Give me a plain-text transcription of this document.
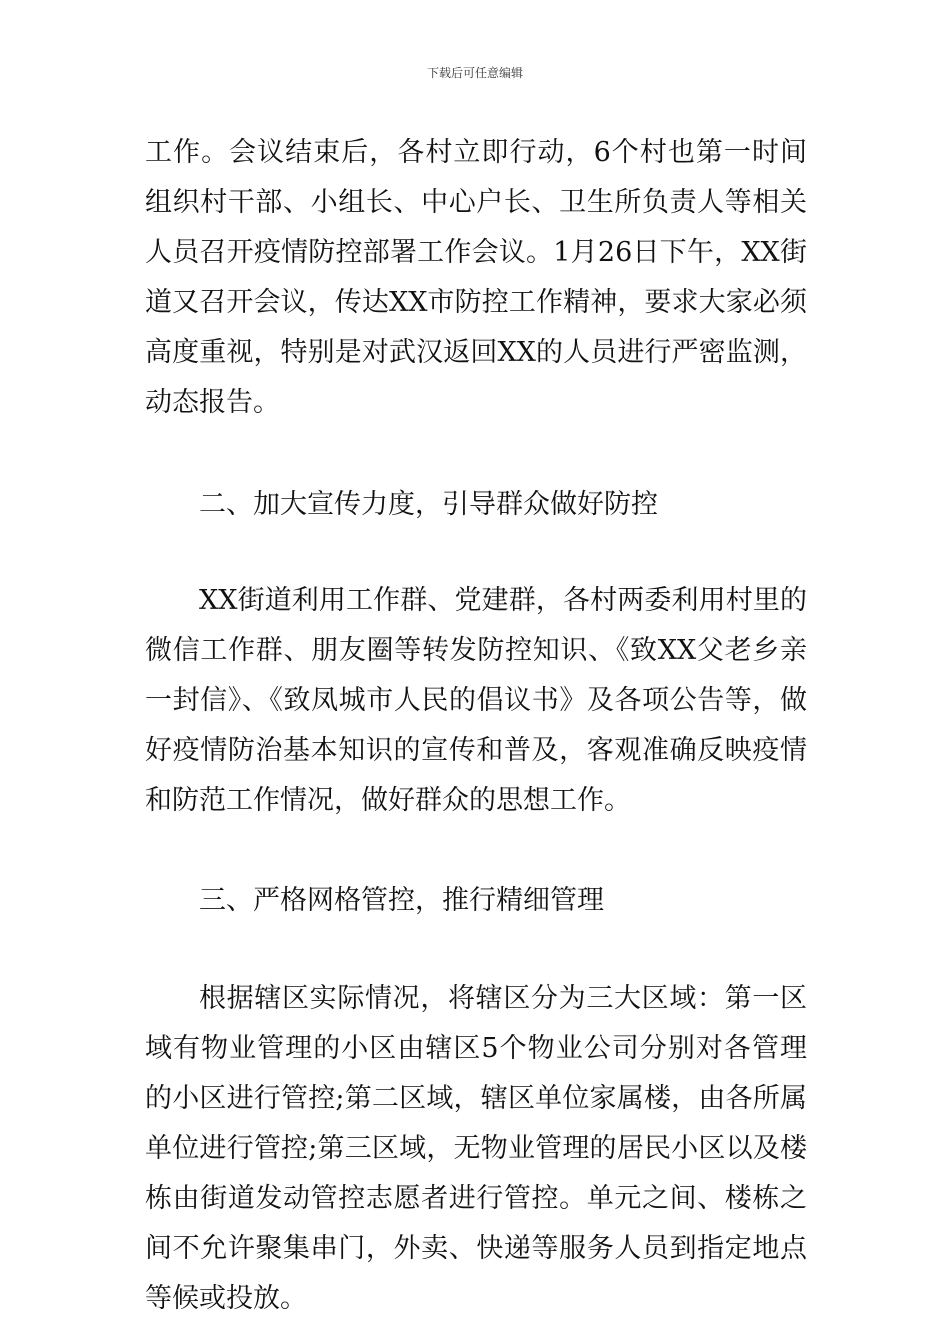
下载后可任意编辑

工作。会议结束后，各村立即行动，6个村也第一时间组织村干部、小组长、中心户长、卫生所负责人等相关人员召开疫情防控部署工作会议。1月26日下午，XX街道又召开会议，传达XX市防控工作精神，要求大家必须高度重视，特别是对武汉返回XX的人员进行严密监测，动态报告。

二、加大宣传力度，引导群众做好防控

XX街道利用工作群、党建群，各村两委利用村里的微信工作群、朋友圈等转发防控知识、《致XX父老乡亲一封信》、《致凤城市人民的倡议书》及各项公告等，做好疫情防治基本知识的宣传和普及，客观准确反映疫情和防范工作情况，做好群众的思想工作。

三、严格网格管控，推行精细管理

根据辖区实际情况，将辖区分为三大区域：第一区域有物业管理的小区由辖区5个物业公司分别对各管理的小区进行管控;第二区域，辖区单位家属楼，由各所属单位进行管控;第三区域，无物业管理的居民小区以及楼栋由街道发动管控志愿者进行管控。单元之间、楼栋之间不允许聚集串门，外卖、快递等服务人员到指定地点等候或投放。
